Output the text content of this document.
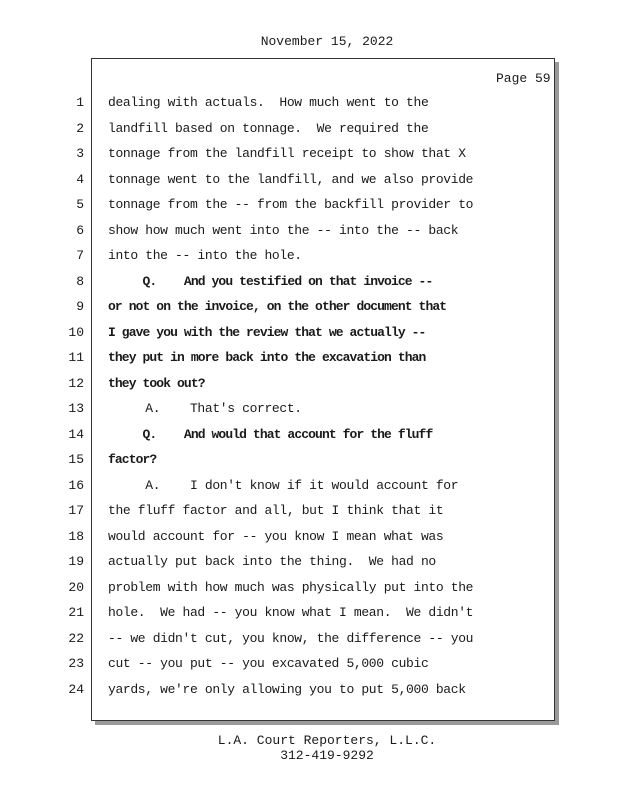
November 15, 2022
Page 59
1 dealing with actuals.  How much went to the
2 landfill based on tonnage.  We required the
3 tonnage from the landfill receipt to show that X
4 tonnage went to the landfill, and we also provide
5 tonnage from the -- from the backfill provider to
6 show how much went into the -- into the -- back
7 into the -- into the hole.
8 Q.    And you testified on that invoice --
9 or not on the invoice, on the other document that
10 I gave you with the review that we actually --
11 they put in more back into the excavation than
12 they took out?
13 A.    That's correct.
14 Q.    And would that account for the fluff
15 factor?
16 A.    I don't know if it would account for
17 the fluff factor and all, but I think that it
18 would account for -- you know I mean what was
19 actually put back into the thing.  We had no
20 problem with how much was physically put into the
21 hole.  We had -- you know what I mean.  We didn't
22 -- we didn't cut, you know, the difference -- you
23 cut -- you put -- you excavated 5,000 cubic
24 yards, we're only allowing you to put 5,000 back
L.A. Court Reporters, L.L.C.
312-419-9292
